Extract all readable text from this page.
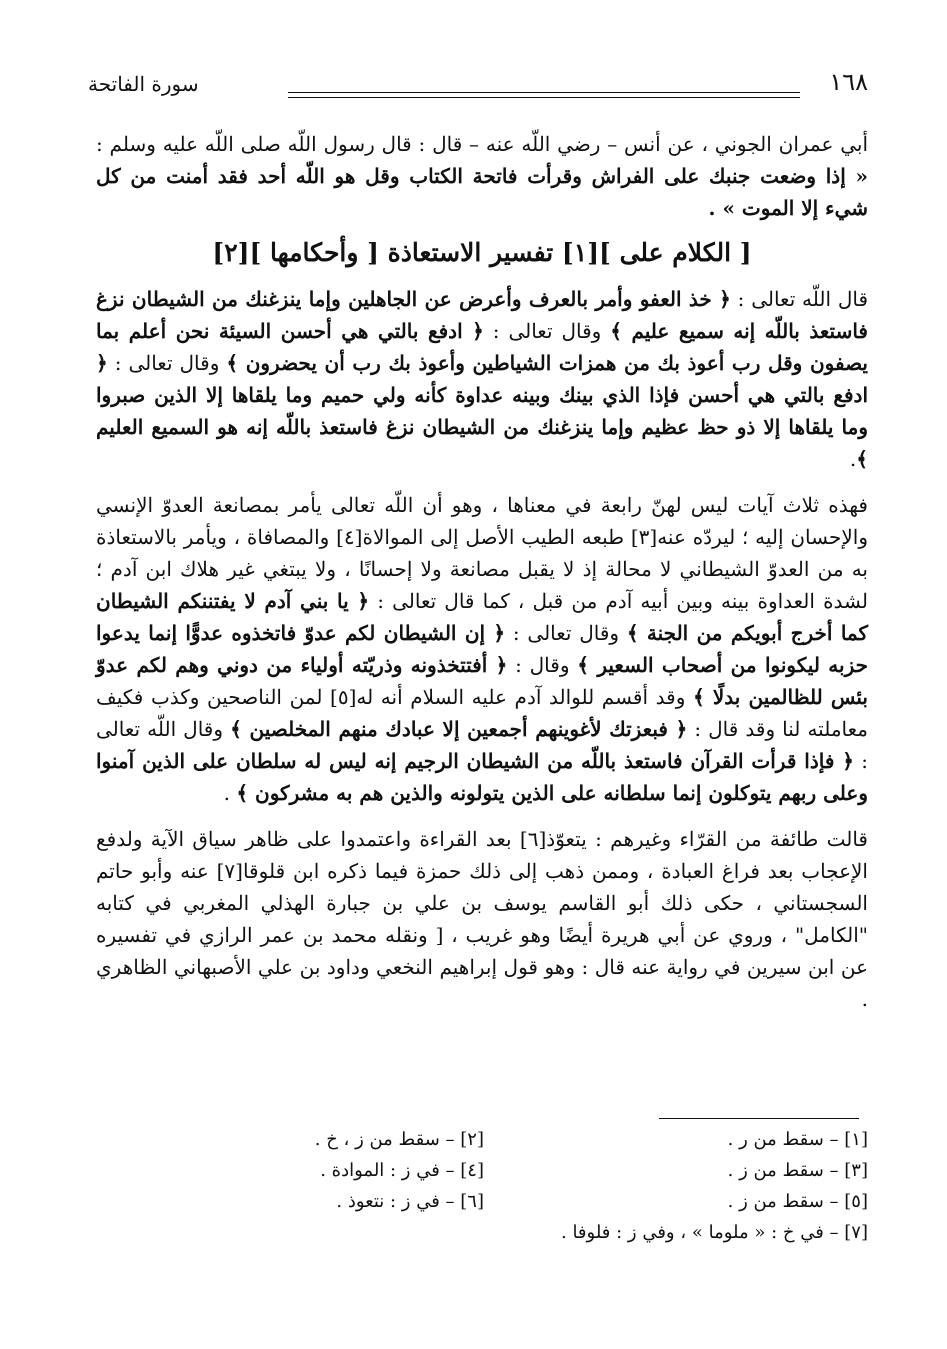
١٦٨
سورة الفاتحة

أبي عمران الجوني ، عن أنس – رضي اللّه عنه – قال : قال رسول اللّه صلى اللّه عليه وسلم : « إذا وضعت جنبك على الفراش وقرأت فاتحة الكتاب وقل هو اللّه أحد فقد أمنت من كل شيء إلا الموت » .

[ الكلام على ][١] تفسير الاستعاذة [ وأحكامها ][٢]

قال اللّه تعالى : ﴿ خذ العفو وأمر بالعرف وأعرض عن الجاهلين وإما ينزغنك من الشيطان نزغ فاستعذ باللّه إنه سميع عليم ﴾ وقال تعالى : ﴿ ادفع بالتي هي أحسن السيئة نحن أعلم بما يصفون وقل رب أعوذ بك من همزات الشياطين وأعوذ بك رب أن يحضرون ﴾ وقال تعالى : ﴿ ادفع بالتي هي أحسن فإذا الذي بينك وبينه عداوة كأنه ولي حميم وما يلقاها إلا الذين صبروا وما يلقاها إلا ذو حظ عظيم وإما ينزغنك من الشيطان نزغ فاستعذ باللّه إنه هو السميع العليم ﴾.

فهذه ثلاث آيات ليس لهنّ رابعة في معناها ، وهو أن اللّه تعالى يأمر بمصانعة العدوّ الإنسي والإحسان إليه ؛ ليردّه عنه[٣] طبعه الطيب الأصل إلى الموالاة[٤] والمصافاة ، ويأمر بالاستعاذة به من العدوّ الشيطاني لا محالة إذ لا يقبل مصانعة ولا إحسانًا ، ولا يبتغي غير هلاك ابن آدم ؛ لشدة العداوة بينه وبين أبيه آدم من قبل ، كما قال تعالى : ﴿ يا بني آدم لا يفتننكم الشيطان كما أخرج أبويكم من الجنة ﴾ وقال تعالى : ﴿ إن الشيطان لكم عدوّ فاتخذوه عدوًّا إنما يدعوا حزبه ليكونوا من أصحاب السعير ﴾ وقال : ﴿ أفتتخذونه وذريّته أولياء من دوني وهم لكم عدوّ بئس للظالمين بدلًا ﴾ وقد أقسم للوالد آدم عليه السلام أنه له[٥] لمن الناصحين وكذب فكيف معاملته لنا وقد قال : ﴿ فبعزتك لأغوينهم أجمعين إلا عبادك منهم المخلصين ﴾ وقال اللّه تعالى : ﴿ فإذا قرأت القرآن فاستعذ باللّه من الشيطان الرجيم إنه ليس له سلطان على الذين آمنوا وعلى ربهم يتوكلون إنما سلطانه على الذين يتولونه والذين هم به مشركون ﴾ .

قالت طائفة من القرّاء وغيرهم : يتعوّذ[٦] بعد القراءة واعتمدوا على ظاهر سياق الآية ولدفع الإعجاب بعد فراغ العبادة ، وممن ذهب إلى ذلك حمزة فيما ذكره ابن قلوقا[٧] عنه وأبو حاتم السجستاني ، حكى ذلك أبو القاسم يوسف بن علي بن جبارة الهذلي المغربي في كتابه "الكامل" ، وروي عن أبي هريرة أيضًا وهو غريب ، [ ونقله محمد بن عمر الرازي في تفسيره عن ابن سيرين في رواية عنه قال : وهو قول إبراهيم النخعي وداود بن علي الأصبهاني الظاهري .

[١] – سقط من ر .
[٢] – سقط من ز ، خ .
[٣] – سقط من ز .
[٤] – في ز : الموادة .
[٥] – سقط من ز .
[٦] – في ز : نتعوذ .
[٧] – في خ : « ملوما » ، وفي ز : فلوفا .
